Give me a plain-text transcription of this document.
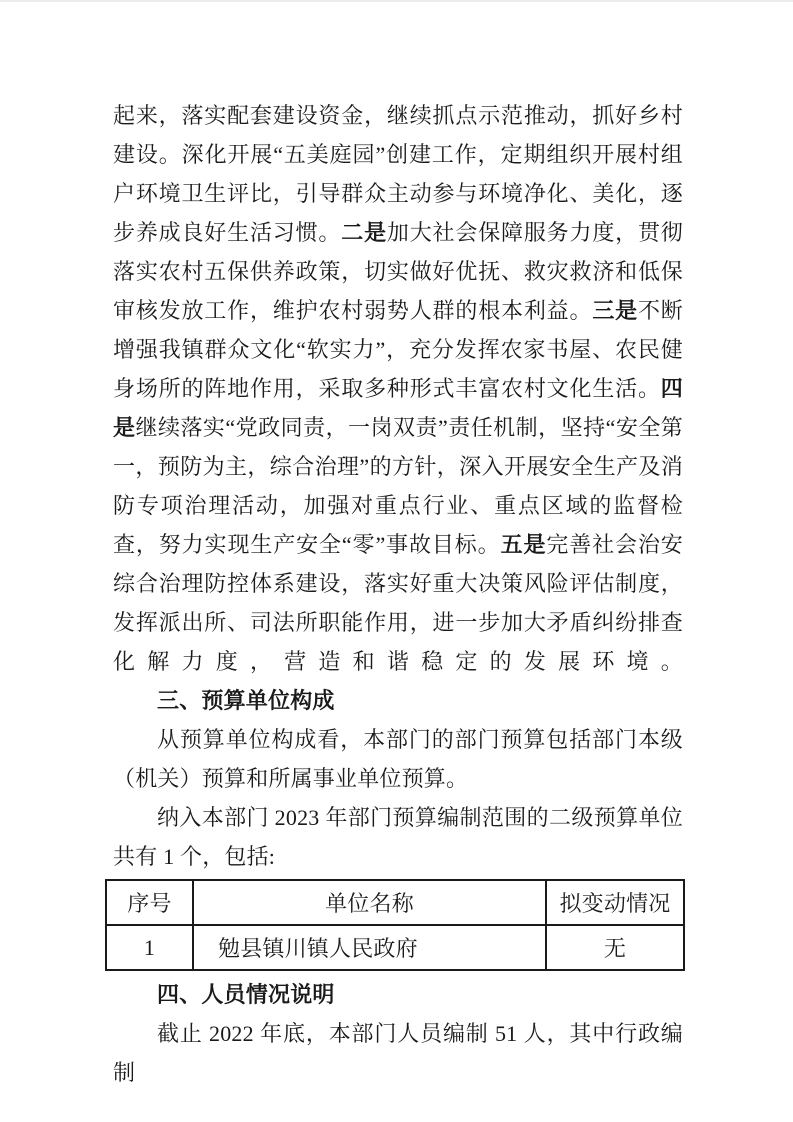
起来，落实配套建设资金，继续抓点示范推动，抓好乡村建设。深化开展“五美庭园”创建工作，定期组织开展村组户环境卫生评比，引导群众主动参与环境净化、美化，逐步养成良好生活习惯。二是加大社会保障服务力度，贯彻落实农村五保供养政策，切实做好优抚、救灾救济和低保审核发放工作，维护农村弱势人群的根本利益。三是不断增强我镇群众文化“软实力”，充分发挥农家书屋、农民健身场所的阵地作用，采取多种形式丰富农村文化生活。四是继续落实“党政同责，一岗双责”责任机制，坚持“安全第一，预防为主，综合治理”的方针，深入开展安全生产及消防专项治理活动，加强对重点行业、重点区域的监督检查，努力实现生产安全“零”事故目标。五是完善社会治安综合治理防控体系建设，落实好重大决策风险评估制度，发挥派出所、司法所职能作用，进一步加大矛盾纠纷排查化解力度，营造和谐稳定的发展环境。

三、预算单位构成

从预算单位构成看，本部门的部门预算包括部门本级（机关）预算和所属事业单位预算。

纳入本部门 2023 年部门预算编制范围的二级预算单位共有 1 个，包括:

序号	单位名称	拟变动情况
1	勉县镇川镇人民政府	无

四、人员情况说明

截止 2022 年底，本部门人员编制 51 人，其中行政编制
